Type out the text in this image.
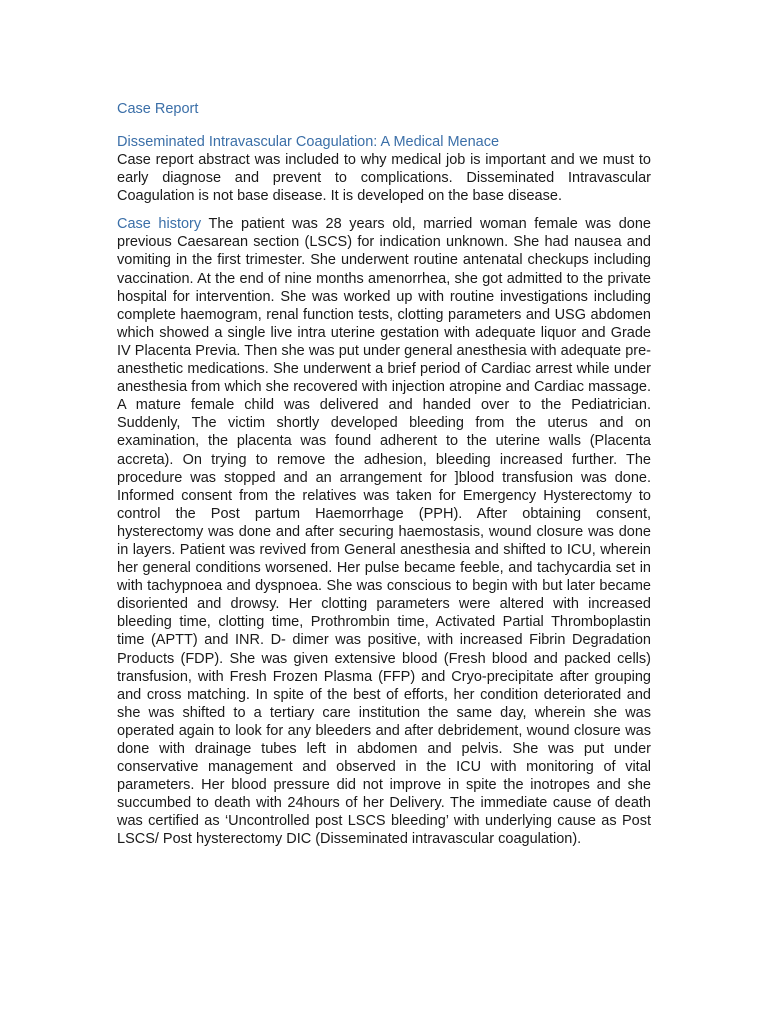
Case Report
Disseminated Intravascular Coagulation: A Medical Menace

Case report abstract was included to why medical job is important and we must to early diagnose and prevent to complications. Disseminated Intravascular Coagulation is not base disease. It is developed on the base disease.

Case history The patient was 28 years old, married woman female was done previous Caesarean section (LSCS) for indication unknown. She had nausea and vomiting in the first trimester. She underwent routine antenatal checkups including vaccination. At the end of nine months amenorrhea, she got admitted to the private hospital for intervention. She was worked up with routine investigations including complete haemogram, renal function tests, clotting parameters and USG abdomen which showed a single live intra uterine gestation with adequate liquor and Grade IV Placenta Previa. Then she was put under general anesthesia with adequate pre-anesthetic medications. She underwent a brief period of Cardiac arrest while under anesthesia from which she recovered with injection atropine and Cardiac massage. A mature female child was delivered and handed over to the Pediatrician. Suddenly, The victim shortly developed bleeding from the uterus and on examination, the placenta was found adherent to the uterine walls (Placenta accreta). On trying to remove the adhesion, bleeding increased further. The procedure was stopped and an arrangement for ]blood transfusion was done. Informed consent from the relatives was taken for Emergency Hysterectomy to control the Post partum Haemorrhage (PPH). After obtaining consent, hysterectomy was done and after securing haemostasis, wound closure was done in layers. Patient was revived from General anesthesia and shifted to ICU, wherein her general conditions worsened. Her pulse became feeble, and tachycardia set in with tachypnoea and dyspnoea. She was conscious to begin with but later became disoriented and drowsy. Her clotting parameters were altered with increased bleeding time, clotting time, Prothrombin time, Activated Partial Thromboplastin time (APTT) and INR. D- dimer was positive, with increased Fibrin Degradation Products (FDP). She was given extensive blood (Fresh blood and packed cells) transfusion, with Fresh Frozen Plasma (FFP) and Cryo-precipitate after grouping and cross matching. In spite of the best of efforts, her condition deteriorated and she was shifted to a tertiary care institution the same day, wherein she was operated again to look for any bleeders and after debridement, wound closure was done with drainage tubes left in abdomen and pelvis. She was put under conservative management and observed in the ICU with monitoring of vital parameters. Her blood pressure did not improve in spite the inotropes and she succumbed to death with 24hours of her Delivery. The immediate cause of death was certified as ‘Uncontrolled post LSCS bleeding’ with underlying cause as Post LSCS/ Post hysterectomy DIC (Disseminated intravascular coagulation).
